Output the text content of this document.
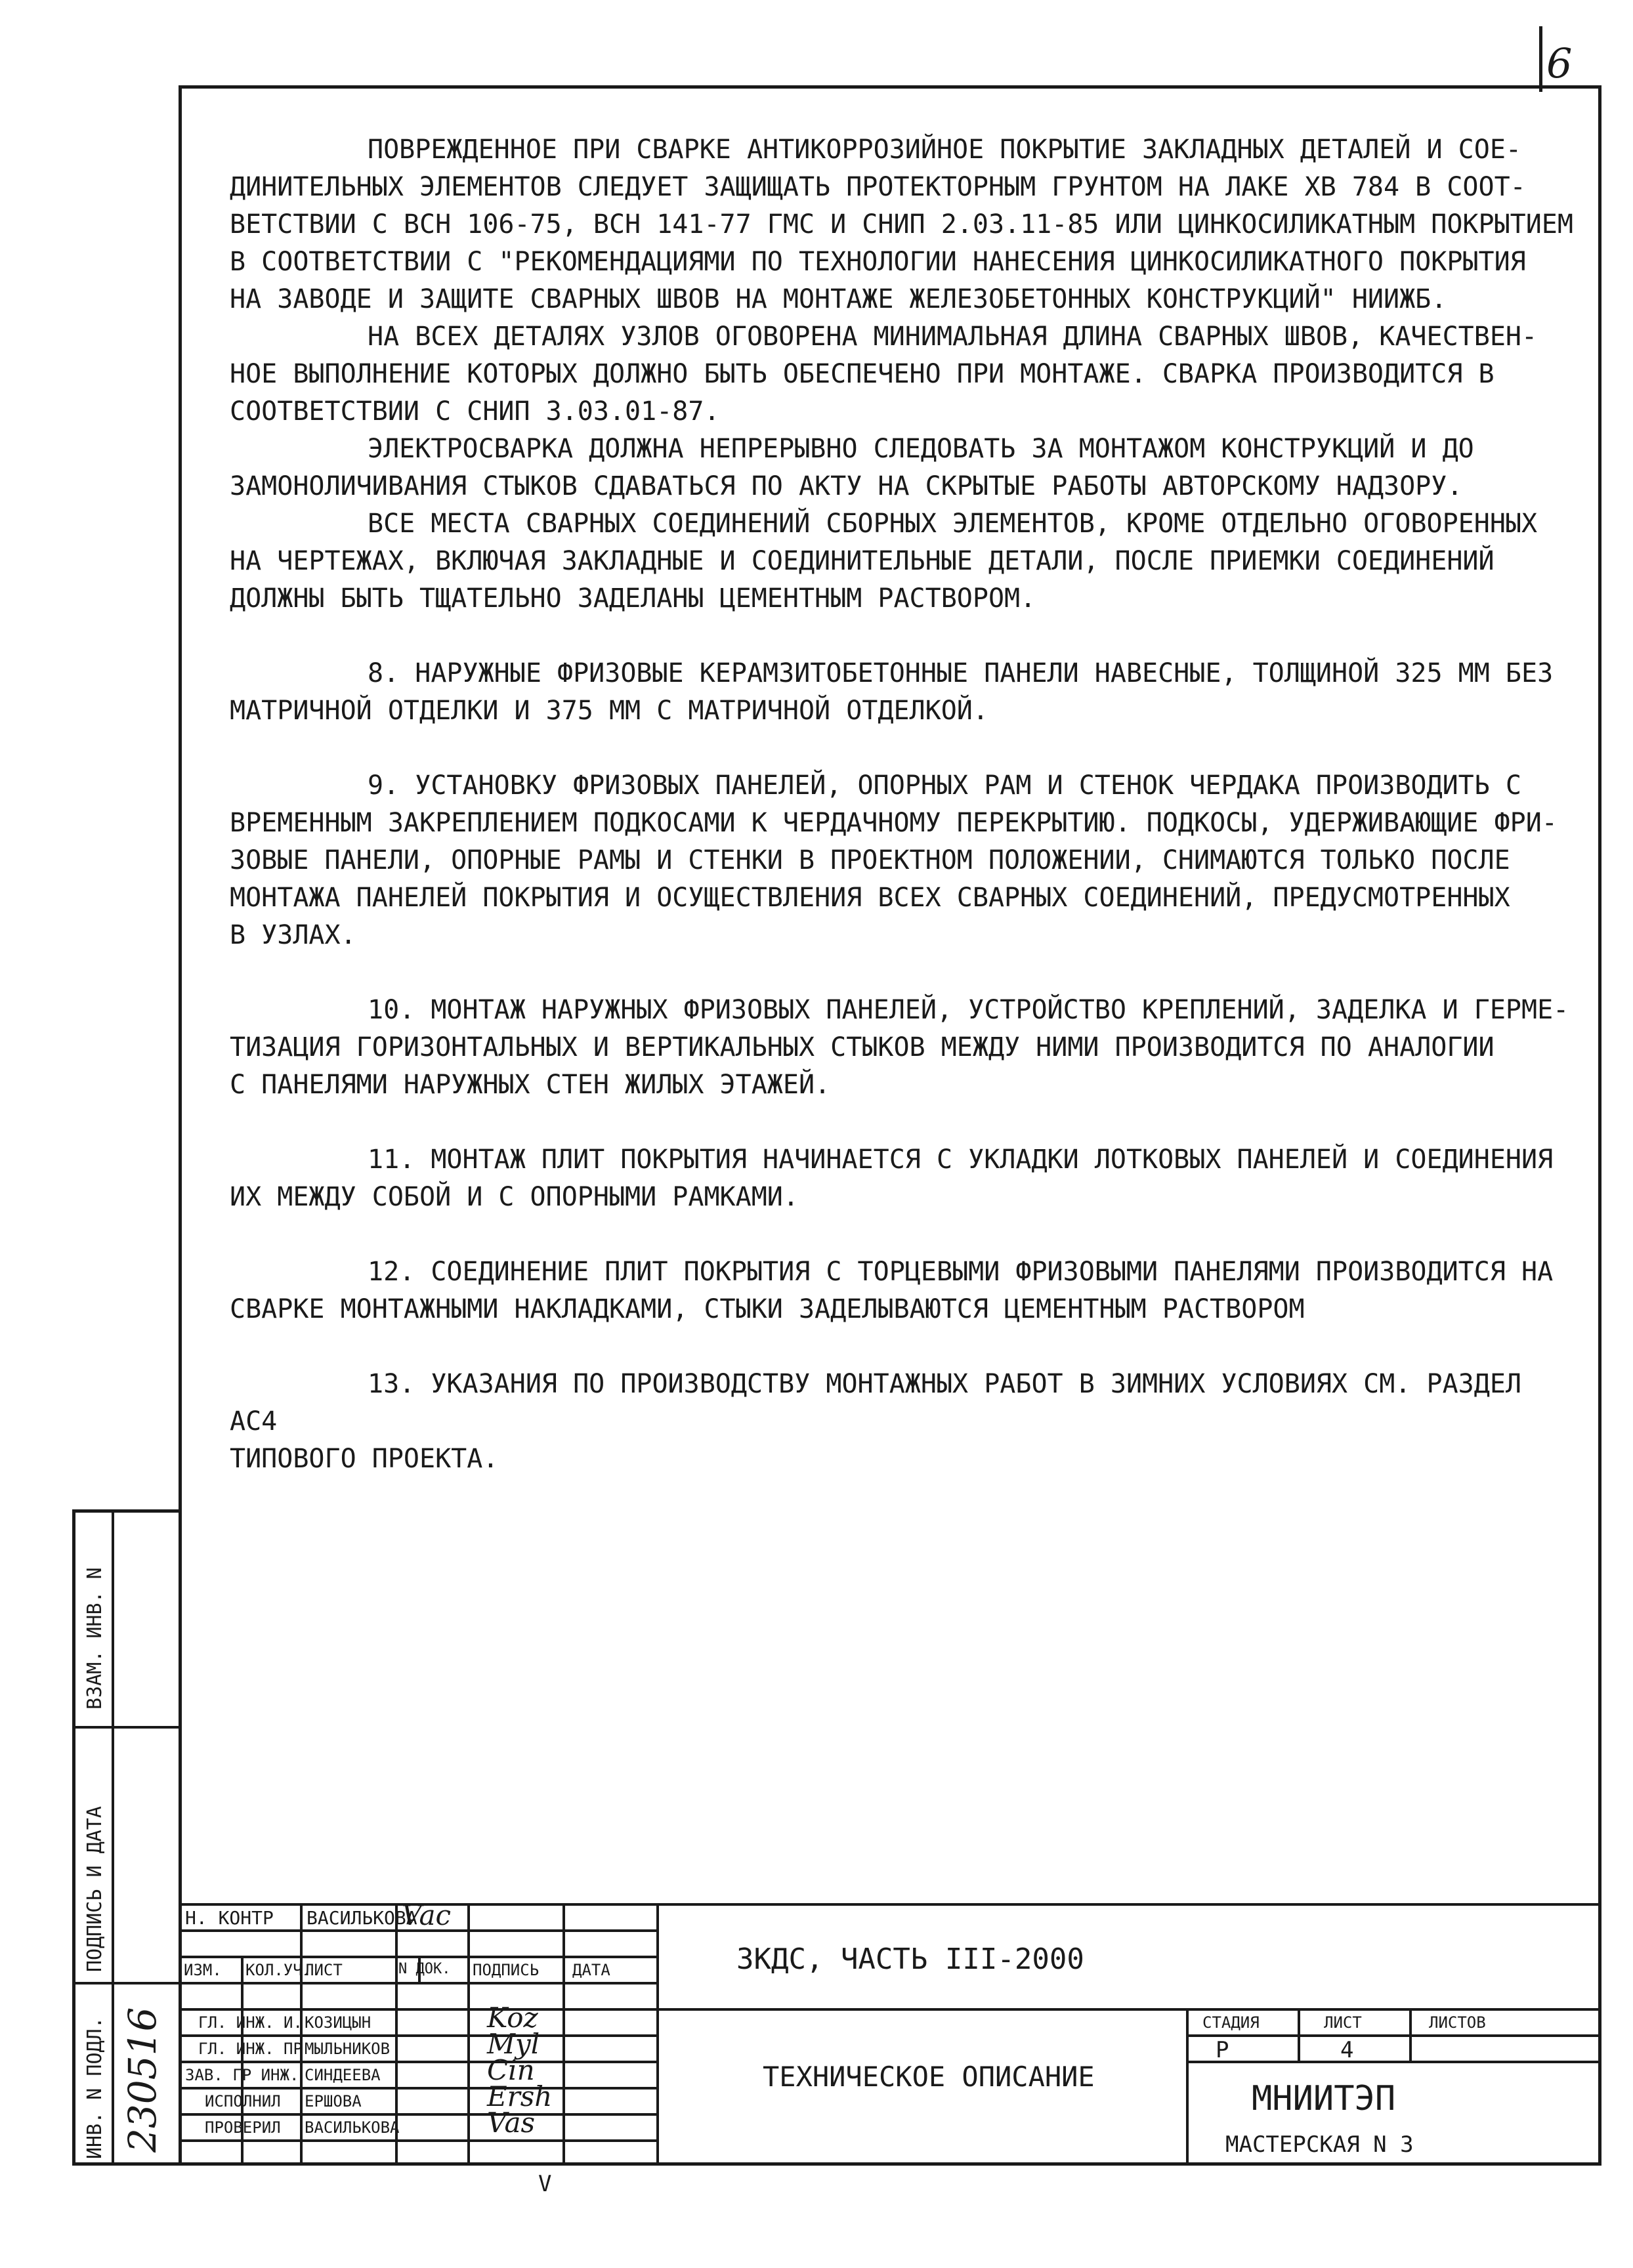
6

ПОВРЕЖДЕННОЕ ПРИ СВАРКЕ АНТИКОРРОЗИЙНОЕ ПОКРЫТИЕ ЗАКЛАДНЫХ ДЕТАЛЕЙ И СОЕ-

ДИНИТЕЛЬНЫХ ЭЛЕМЕНТОВ СЛЕДУЕТ ЗАЩИЩАТЬ ПРОТЕКТОРНЫМ ГРУНТОМ НА ЛАКЕ ХВ 784 В СООТ-

ВЕТСТВИИ С ВСН 106-75, ВСН 141-77 ГМС И СНИП 2.03.11-85 ИЛИ ЦИНКОСИЛИКАТНЫМ ПОКРЫТИЕМ

В СООТВЕТСТВИИ С "РЕКОМЕНДАЦИЯМИ ПО ТЕХНОЛОГИИ НАНЕСЕНИЯ ЦИНКОСИЛИКАТНОГО ПОКРЫТИЯ

НА ЗАВОДЕ И ЗАЩИТЕ СВАРНЫХ ШВОВ НА МОНТАЖЕ ЖЕЛЕЗОБЕТОННЫХ КОНСТРУКЦИЙ" НИИЖБ.

НА ВСЕХ ДЕТАЛЯХ УЗЛОВ ОГОВОРЕНА МИНИМАЛЬНАЯ ДЛИНА СВАРНЫХ ШВОВ, КАЧЕСТВЕН-

НОЕ ВЫПОЛНЕНИЕ КОТОРЫХ ДОЛЖНО БЫТЬ ОБЕСПЕЧЕНО ПРИ МОНТАЖЕ. СВАРКА ПРОИЗВОДИТСЯ В

СООТВЕТСТВИИ С СНИП 3.03.01-87.

ЭЛЕКТРОСВАРКА ДОЛЖНА НЕПРЕРЫВНО СЛЕДОВАТЬ ЗА МОНТАЖОМ КОНСТРУКЦИЙ И ДО

ЗАМОНОЛИЧИВАНИЯ СТЫКОВ СДАВАТЬСЯ ПО АКТУ НА СКРЫТЫЕ РАБОТЫ АВТОРСКОМУ НАДЗОРУ.

ВСЕ МЕСТА СВАРНЫХ СОЕДИНЕНИЙ СБОРНЫХ ЭЛЕМЕНТОВ, КРОМЕ ОТДЕЛЬНО ОГОВОРЕННЫХ

НА ЧЕРТЕЖАХ, ВКЛЮЧАЯ ЗАКЛАДНЫЕ И СОЕДИНИТЕЛЬНЫЕ ДЕТАЛИ, ПОСЛЕ ПРИЕМКИ СОЕДИНЕНИЙ

ДОЛЖНЫ БЫТЬ ТЩАТЕЛЬНО ЗАДЕЛАНЫ ЦЕМЕНТНЫМ РАСТВОРОМ.

8. НАРУЖНЫЕ ФРИЗОВЫЕ КЕРАМЗИТОБЕТОННЫЕ ПАНЕЛИ НАВЕСНЫЕ, ТОЛЩИНОЙ 325 ММ БЕЗ

МАТРИЧНОЙ ОТДЕЛКИ И 375 ММ С МАТРИЧНОЙ ОТДЕЛКОЙ.

9. УСТАНОВКУ ФРИЗОВЫХ ПАНЕЛЕЙ, ОПОРНЫХ РАМ И СТЕНОК ЧЕРДАКА ПРОИЗВОДИТЬ С

ВРЕМЕННЫМ ЗАКРЕПЛЕНИЕМ ПОДКОСАМИ К ЧЕРДАЧНОМУ ПЕРЕКРЫТИЮ. ПОДКОСЫ, УДЕРЖИВАЮЩИЕ ФРИ-

ЗОВЫЕ ПАНЕЛИ, ОПОРНЫЕ РАМЫ И СТЕНКИ В ПРОЕКТНОМ ПОЛОЖЕНИИ, СНИМАЮТСЯ ТОЛЬКО ПОСЛЕ

МОНТАЖА ПАНЕЛЕЙ ПОКРЫТИЯ И ОСУЩЕСТВЛЕНИЯ ВСЕХ СВАРНЫХ СОЕДИНЕНИЙ, ПРЕДУСМОТРЕННЫХ

В УЗЛАХ.

10. МОНТАЖ НАРУЖНЫХ ФРИЗОВЫХ ПАНЕЛЕЙ, УСТРОЙСТВО КРЕПЛЕНИЙ, ЗАДЕЛКА И ГЕРМЕ-

ТИЗАЦИЯ ГОРИЗОНТАЛЬНЫХ И ВЕРТИКАЛЬНЫХ СТЫКОВ МЕЖДУ НИМИ ПРОИЗВОДИТСЯ ПО АНАЛОГИИ

С ПАНЕЛЯМИ НАРУЖНЫХ СТЕН ЖИЛЫХ ЭТАЖЕЙ.

11. МОНТАЖ ПЛИТ ПОКРЫТИЯ НАЧИНАЕТСЯ С УКЛАДКИ ЛОТКОВЫХ ПАНЕЛЕЙ И СОЕДИНЕНИЯ

ИХ МЕЖДУ СОБОЙ И С ОПОРНЫМИ РАМКАМИ.

12. СОЕДИНЕНИЕ ПЛИТ ПОКРЫТИЯ С ТОРЦЕВЫМИ ФРИЗОВЫМИ ПАНЕЛЯМИ ПРОИЗВОДИТСЯ НА

СВАРКЕ МОНТАЖНЫМИ НАКЛАДКАМИ, СТЫКИ ЗАДЕЛЫВАЮТСЯ ЦЕМЕНТНЫМ РАСТВОРОМ

13. УКАЗАНИЯ ПО ПРОИЗВОДСТВУ МОНТАЖНЫХ РАБОТ В ЗИМНИХ УСЛОВИЯХ СМ. РАЗДЕЛ АС4

ТИПОВОГО ПРОЕКТА.

ВЗАМ. ИНВ. N
ПОДПИСЬ И ДАТА
ИНВ. N ПОДЛ. 230516
Н. КОНТР ВАСИЛЬКОВА
Vac
ИЗМ. КОЛ.УЧ.
ЛИСТ	N ДОК. ПОДПИСЬ ДАТА
ГЛ. ИНЖ. И. КОЗИЦЫН	Koz
ГЛ. ИНЖ. ПР МЫЛЬНИКОВ	Myl
ЗАВ. ГР ИНЖ. СИНДЕЕВА	Cin
ИСПОЛНИЛ ЕРШОВА	Ersh
ПРОВЕРИЛ ВАСИЛЬКОВА	Vas
ЗКДС, ЧАСТЬ III-2000
ТЕХНИЧЕСКОЕ ОПИСАНИЕ
СТАДИЯ	ЛИСТ	ЛИСТОВ
Р	4
МНИИТЭП
МАСТЕРСКАЯ N 3
V
